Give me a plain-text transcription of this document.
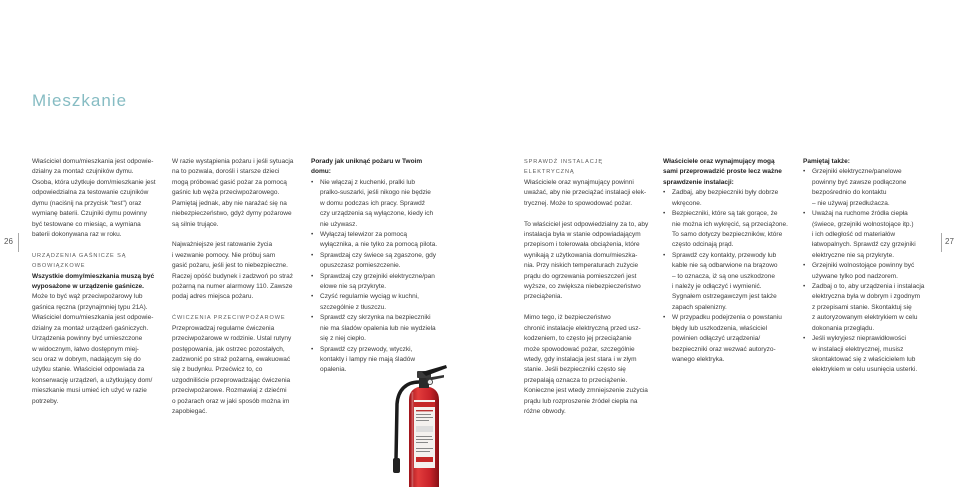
Mieszkanie
26

Właściciel domu/mieszkania jest odpowie-
dzialny za montaż czujników dymu.
Osoba, która użytkuje dom/mieszkanie jest
odpowiedzialna za testowanie czujników
dymu (naciśnij na przycisk "test") oraz
wymianę baterii. Czujniki dymu powinny
być testowane co miesiąc, a wymiana
baterii dokonywana raz w roku.

URZĄDZENIA GAŚNICZE SĄ
OBOWIĄZKOWE

Wszystkie domy/mieszkania muszą być
wyposażone w urządzenie gaśnicze.

Może to być wąż przeciwpożarowy lub
gaśnica ręczna (przynajmniej typu 21A).
Właściciel domu/mieszkania jest odpowie-
dzialny za montaż urządzeń gaśniczych.
Urządzenia powinny być umieszczone
w widocznym, łatwo dostępnym miej-
scu oraz w dobrym, nadającym się do
użytku stanie. Właściciel odpowiada za
konserwację urządzeń, a użytkujący dom/
mieszkanie musi umieć ich użyć w razie
potrzeby.

W razie wystąpienia pożaru i jeśli sytuacja
na to pozwala, dorośli i starsze dzieci
mogą próbować gasić pożar za pomocą
gaśnic lub węża przeciwpożarowego.
Pamiętaj jednak, aby nie narażać się na
niebezpieczeństwo, gdyż dymy pożarowe
są silnie trujące.

Najważniejsze jest ratowanie życia
i wezwanie pomocy. Nie próbuj sam
gasić pożaru, jeśli jest to niebezpieczne.
Raczej opóść budynek i zadzwoń po straż
pożarną na numer alarmowy 110. Zawsze
podaj adres miejsca pożaru.

ĆWICZENIA PRZECIWPOŻAROWE

Przeprowadzaj regularne ćwiczenia
przeciwpożarowe w rodzinie. Ustal rutyny
postępowania, jak ostrzec pozostałych,
zadzwonić po straż pożarną, ewakuować
się z budynku. Przećwicz to, co
uzgodniliście przeprowadzając ćwiczenia
przeciwpożarowe. Rozmawiaj z dziećmi
o pożarach oraz w jaki sposób można im
zapobiegać.

Porady jak uniknąć pożaru w Twoim
domu:

• Nie włączaj z kuchenki, pralki lub
pralko-suszarki, jeśli nikogo nie będzie
w domu podczas ich pracy. Sprawdź
czy urządzenia są wyłączone, kiedy ich
nie używasz.
• Wyłączaj telewizor za pomocą
wyłącznika, a nie tylko za pomocą pilota.
• Sprawdzaj czy świece są zgaszone, gdy
opuszczasz pomieszczenie.
• Sprawdzaj czy grzejniki elektryczne/pan
elowe nie są przykryte.
• Czyść regularnie wyciąg w kuchni,
szczególnie z tłuszczu.
• Sprawdź czy skrzynka na bezpieczniki
nie ma śladów opalenia lub nie wydziela
się z niej ciepło.
• Sprawdź czy przewody, wtyczki,
kontakty i lampy nie mają śladów
opalenia.
27
SPRAWDŹ INSTALACJĘ
ELEKTRYCZNĄ

Właściciele oraz wynajmujący powinni
uważać, aby nie przeciążać instalacji elek-
trycznej. Może to spowodować pożar.

To właściciel jest odpowiedzialny za to, aby
instalacja była w stanie odpowiadającym
przepisom i tolerowała obciążenia, które
wynikają z użytkowania domu/mieszka-
nia. Przy niskich temperaturach zużycie
prądu do ogrzewania pomieszczeń jest
wyższe, co zwiększa niebezpieczeństwo
przeciążenia.

Mimo tego, iż bezpieczeństwo
chronić instalacje elektryczną przed usz-
kodzeniem, to często jej przeciążanie
może spowodować pożar, szczególnie
wtedy, gdy instalacja jest stara i w złym
stanie. Jeśli bezpieczniki często się
przepalają oznacza to przeciążenie.
Konieczne jest wtedy zmniejszenie zużycia
prądu lub rozproszenie źródeł ciepła na
różne obwody.

Właściciele oraz wynajmujący mogą
sami przeprowadzić proste lecz ważne
sprawdzenie instalacji:

• Zadbaj, aby bezpieczniki były dobrze
wkręcone.
• Bezpieczniki, które są tak gorące, że
nie można ich wykręcić, są przeciążone.
To samo dotyczy bezpieczników, które
często odcinają prąd.
• Sprawdź czy kontakty, przewody lub
kable nie są odbarwione na brązowo
– to oznacza, iż są one uszkodzone
i należy je odłączyć i wymienić.
Sygnałem ostrzegawczym jest także
zapach spalenizny.
• W przypadku podejrzenia o powstaniu
błędy lub uszkodzenia, właściciel
powinien odłączyć urządzenia/
bezpieczniki oraz wezwać autoryzo-
wanego elektryka.

Pamiętaj także:

• Grzejniki elektryczne/panelowe
powinny być zawsze podłączone
bezpośrednio do kontaktu
– nie używaj przedłużacza.
• Uważaj na ruchome źródła ciepła
(świece, grzejniki wolnostojące itp.)
i ich odległość od materiałów
łatwopalnych. Sprawdź czy grzejniki
elektryczne nie są przykryte.
• Grzejniki wolnostojące powinny być
używane tylko pod nadzorem.
• Zadbaj o to, aby urządzenia i instalacja
elektryczna była w dobrym i zgodnym
z przepisami stanie. Skontaktuj się
z autoryzowanym elektrykiem w celu
dokonania przeglądu.
• Jeśli wykryjesz nieprawidłowości
w instalacji elektrycznej, musisz
skontaktować się z właścicielem lub
elektrykiem w celu usunięcia usterki.
